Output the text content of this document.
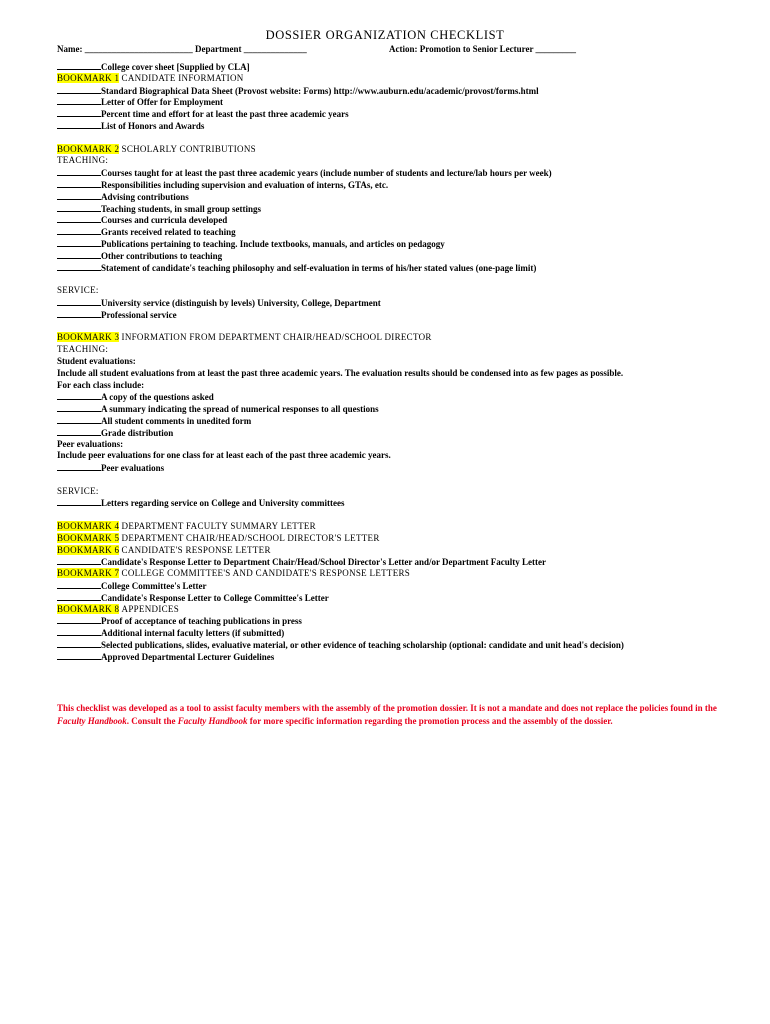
DOSSIER ORGANIZATION CHECKLIST
Name: ________________________ Department ______________	Action: Promotion to Senior Lecturer _________
College cover sheet [Supplied by CLA]
BOOKMARK 1 CANDIDATE INFORMATION
Standard Biographical Data Sheet (Provost website: Forms) http://www.auburn.edu/academic/provost/forms.html
Letter of Offer for Employment
Percent time and effort for at least the past three academic years
List of Honors and Awards
BOOKMARK 2 SCHOLARLY CONTRIBUTIONS
TEACHING:
Courses taught for at least the past three academic years (include number of students and lecture/lab hours per week)
Responsibilities including supervision and evaluation of interns, GTAs, etc.
Advising contributions
Teaching students, in small group settings
Courses and curricula developed
Grants received related to teaching
Publications pertaining to teaching. Include textbooks, manuals, and articles on pedagogy
Other contributions to teaching
Statement of candidate's teaching philosophy and self-evaluation in terms of his/her stated values (one-page limit)
SERVICE:
University service (distinguish by levels) University, College, Department
Professional service
BOOKMARK 3 INFORMATION FROM DEPARTMENT CHAIR/HEAD/SCHOOL DIRECTOR
TEACHING:
Student evaluations:
Include all student evaluations from at least the past three academic years. The evaluation results should be condensed into as few pages as possible.
For each class include:
A copy of the questions asked
A summary indicating the spread of numerical responses to all questions
All student comments in unedited form
Grade distribution
Peer evaluations:
Include peer evaluations for one class for at least each of the past three academic years.
Peer evaluations
SERVICE:
Letters regarding service on College and University committees
BOOKMARK 4 DEPARTMENT FACULTY SUMMARY LETTER
BOOKMARK 5 DEPARTMENT CHAIR/HEAD/SCHOOL DIRECTOR'S LETTER
BOOKMARK 6 CANDIDATE'S RESPONSE LETTER
Candidate's Response Letter to Department Chair/Head/School Director's Letter and/or Department Faculty Letter
BOOKMARK 7 COLLEGE COMMITTEE'S AND CANDIDATE'S RESPONSE LETTERS
College Committee's Letter
Candidate's Response Letter to College Committee's Letter
BOOKMARK 8 APPENDICES
Proof of acceptance of teaching publications in press
Additional internal faculty letters (if submitted)
Selected publications, slides, evaluative material, or other evidence of teaching scholarship (optional: candidate and unit head's decision)
Approved Departmental Lecturer Guidelines
This checklist was developed as a tool to assist faculty members with the assembly of the promotion dossier. It is not a mandate and does not replace the policies found in the Faculty Handbook. Consult the Faculty Handbook for more specific information regarding the promotion process and the assembly of the dossier.
